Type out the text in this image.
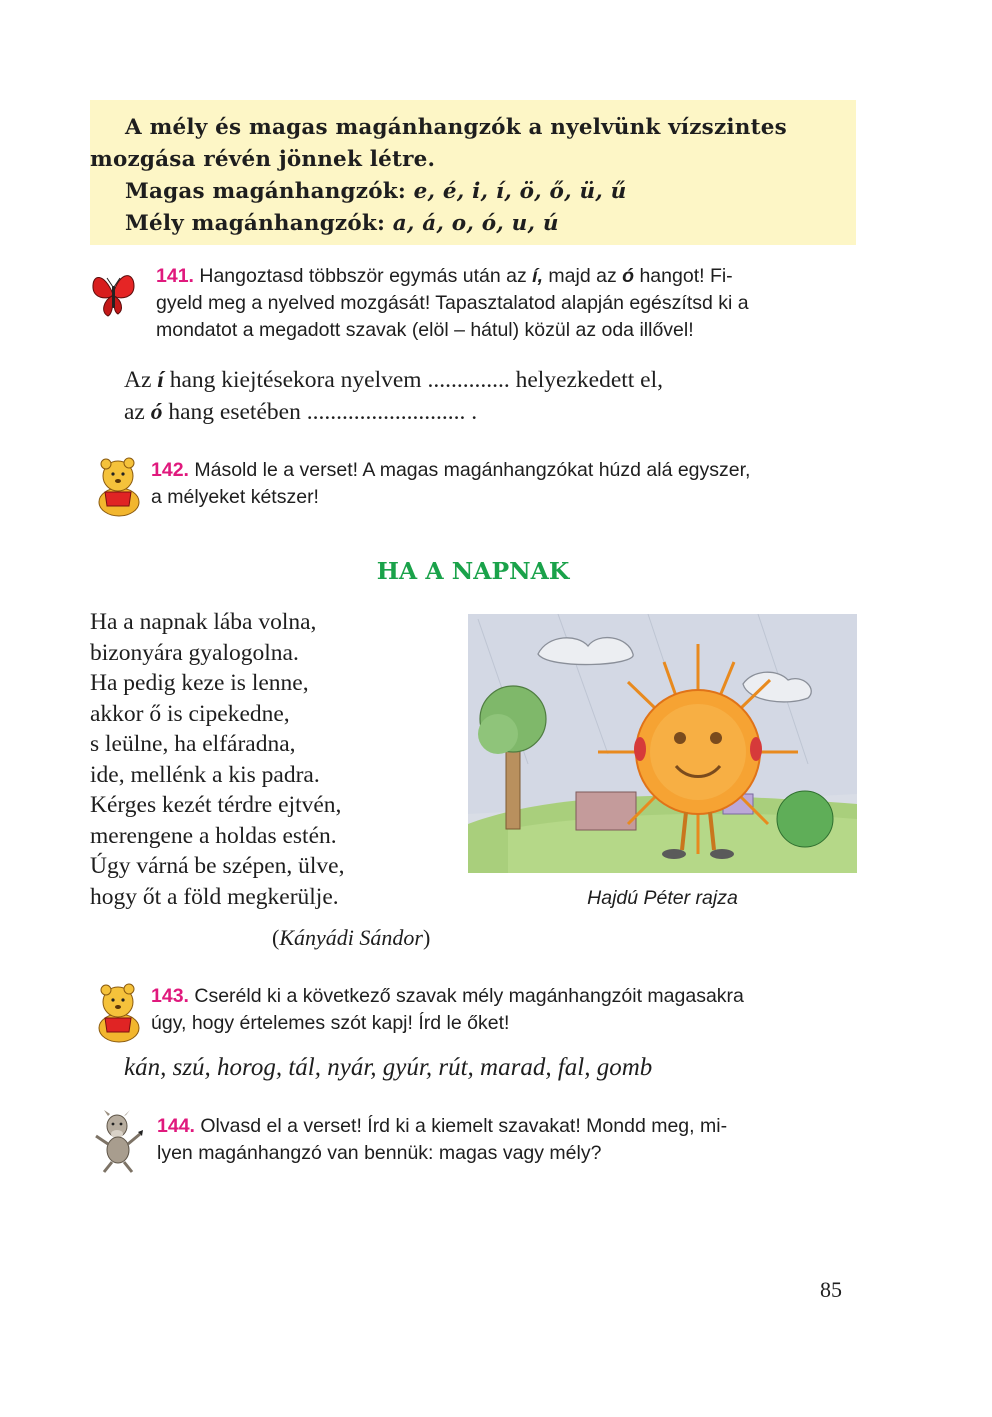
A mély és magas magánhangzók a nyelvünk vízszintes
mozgása révén jönnek létre.
Magas magánhangzók: e, é, i, í, ö, ő, ü, ű
Mély magánhangzók: a, á, o, ó, u, ú
141. Hangoztasd többször egymás után az í, majd az ó hangot! Fi-
gyeld meg a nyelved mozgását! Tapasztalatod alapján egészítsd ki a
mondatot a megadott szavak (elöl – hátul) közül az oda illővel!
Az í hang kiejtésekora nyelvem .............. helyezkedett el,
az ó hang esetében ........................... .
142. Másold le a verset! A magas magánhangzókat húzd alá egyszer,
a mélyeket kétszer!
HA A NAPNAK
Ha a napnak lába volna,
bizonyára gyalogolna.
Ha pedig keze is lenne,
akkor ő is cipekedne,
s leülne, ha elfáradna,
ide, mellénk a kis padra.
Kérges kezét térdre ejtvén,
merengene a holdas estén.
Úgy várná be szépen, ülve,
hogy őt a föld megkerülje.
(Kányádi Sándor)
Hajdú Péter rajza
143. Cseréld ki a következő szavak mély magánhangzóit magasakra
úgy, hogy értelemes szót kapj! Írd le őket!
kán, szú, horog, tál, nyár, gyúr, rút, marad, fal, gomb
144. Olvasd el a verset! Írd ki a kiemelt szavakat! Mondd meg, mi-
lyen magánhangzó van bennük: magas vagy mély?
85
